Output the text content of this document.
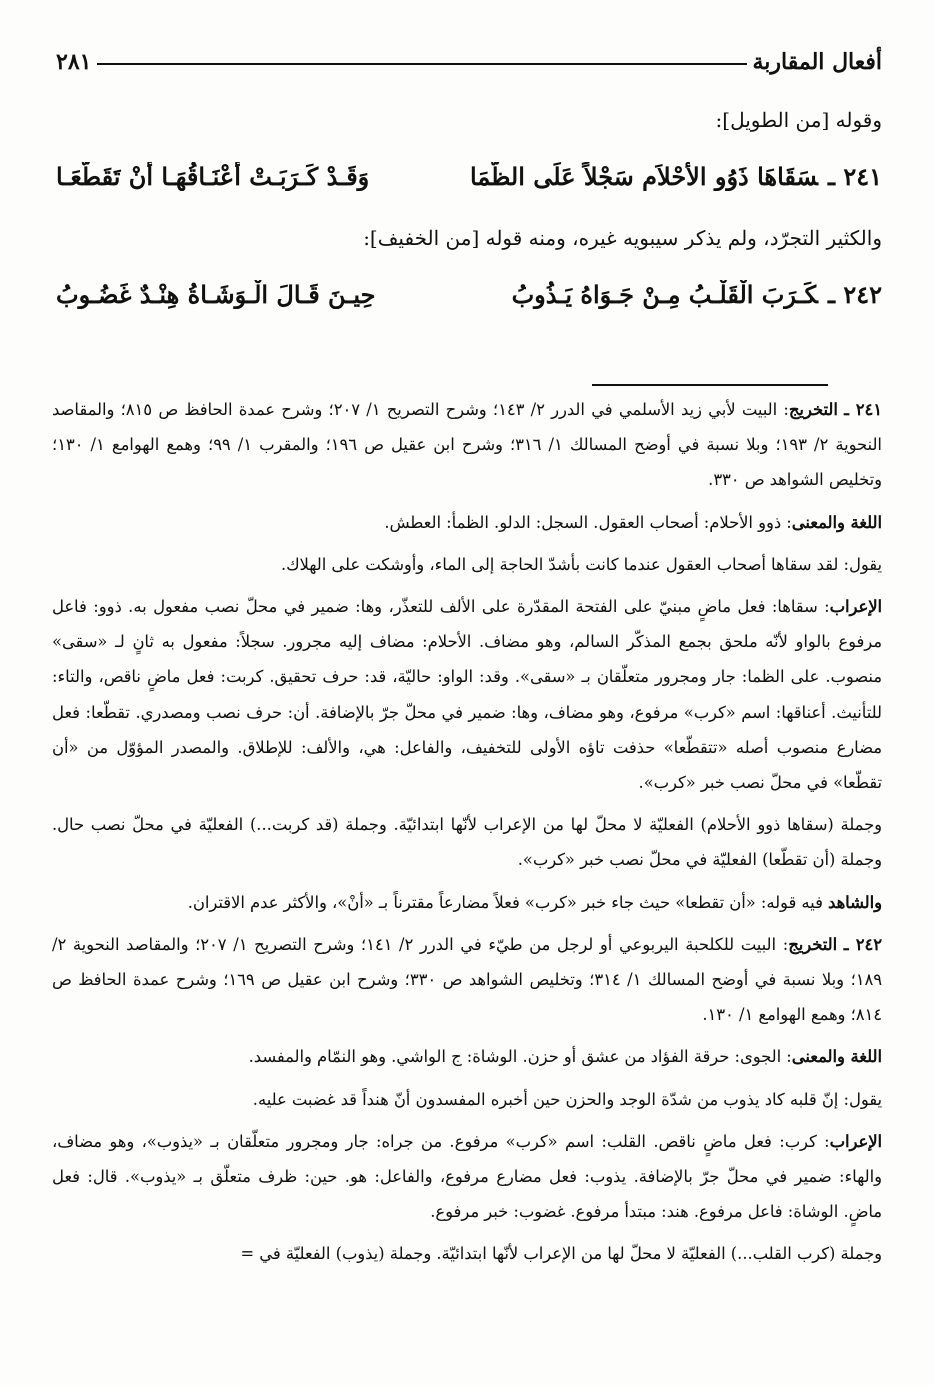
أفعال المقاربة
٢٨١
وقوله [من الطويل]:
٢٤١ ـسَقَاهَا ذَوُو الأَحْلاَم سَجْلاً عَلَى الظَّمَا
وَقَـدْ كَـرَبَـتْ أعْنَـاقُهَـا أنْ تَقَطَّعَـا
والكثير التجرّد، ولم يذكر سيبويه غيره، ومنه قوله [من الخفيف]:
٢٤٢ ـكَـرَبَ الْقَلْـبُ مِـنْ جَـوَاهُ يَـذُوبُ
حِيـنَ قَـالَ الْـوَشَـاةُ هِنْـدٌ غَضُـوبُ

٢٤١ ـ التخريج: البيت لأبي زيد الأسلمي في الدرر ٢/ ١٤٣؛ وشرح التصريح ١/ ٢٠٧؛ وشرح عمدة الحافظ ص ٨١٥؛ والمقاصد النحوية ٢/ ١٩٣؛ وبلا نسبة في أوضح المسالك ١/ ٣١٦؛ وشرح ابن عقيل ص ١٩٦؛ والمقرب ١/ ٩٩؛ وهمع الهوامع ١/ ١٣٠؛ وتخليص الشواهد ص ٣٣٠.

اللغة والمعنى: ذوو الأحلام: أصحاب العقول. السجل: الدلو. الظمأ: العطش.

يقول: لقد سقاها أصحاب العقول عندما كانت بأشدّ الحاجة إلى الماء، وأوشكت على الهلاك.

الإعراب: سقاها: فعل ماضٍ مبنيّ على الفتحة المقدّرة على الألف للتعذّر، وها: ضمير في محلّ نصب مفعول به. ذوو: فاعل مرفوع بالواو لأنّه ملحق بجمع المذكّر السالم، وهو مضاف. الأحلام: مضاف إليه مجرور. سجلاً: مفعول به ثانٍ لـ «سقى» منصوب. على الظما: جار ومجرور متعلّقان بـ «سقى». وقد: الواو: حاليّة، قد: حرف تحقيق. كربت: فعل ماضٍ ناقص، والتاء: للتأنيث. أعناقها: اسم «كرب» مرفوع، وهو مضاف، وها: ضمير في محلّ جرّ بالإضافة. أن: حرف نصب ومصدري. تقطّعا: فعل مضارع منصوب أصله «تتقطّعا» حذفت تاؤه الأولى للتخفيف، والفاعل: هي، والألف: للإطلاق. والمصدر المؤوّل من «أن تقطّعا» في محلّ نصب خبر «كرب».

وجملة (سقاها ذوو الأحلام) الفعليّة لا محلّ لها من الإعراب لأنّها ابتدائيّة. وجملة (قد كربت...) الفعليّة في محلّ نصب حال. وجملة (أن تقطّعا) الفعليّة في محلّ نصب خبر «كرب».

والشاهد فيه قوله: «أن تقطعا» حيث جاء خبر «كرب» فعلاً مضارعاً مقترناً بـ «أنْ»، والأكثر عدم الاقتران.

٢٤٢ ـ التخريج: البيت للكلحبة اليربوعي أو لرجل من طيّء في الدرر ٢/ ١٤١؛ وشرح التصريح ١/ ٢٠٧؛ والمقاصد النحوية ٢/ ١٨٩؛ وبلا نسبة في أوضح المسالك ١/ ٣١٤؛ وتخليص الشواهد ص ٣٣٠؛ وشرح ابن عقيل ص ١٦٩؛ وشرح عمدة الحافظ ص ٨١٤؛ وهمع الهوامع ١/ ١٣٠.

اللغة والمعنى: الجوى: حرقة الفؤاد من عشق أو حزن. الوشاة: ج الواشي. وهو النمّام والمفسد.

يقول: إنّ قلبه كاد يذوب من شدّة الوجد والحزن حين أخبره المفسدون أنّ هنداً قد غضبت عليه.

الإعراب: كرب: فعل ماضٍ ناقص. القلب: اسم «كرب» مرفوع. من جراه: جار ومجرور متعلّقان بـ «يذوب»، وهو مضاف، والهاء: ضمير في محلّ جرّ بالإضافة. يذوب: فعل مضارع مرفوع، والفاعل: هو. حين: ظرف متعلّق بـ «يذوب». قال: فعل ماضٍ. الوشاة: فاعل مرفوع. هند: مبتدأ مرفوع. غضوب: خبر مرفوع.

وجملة (كرب القلب...) الفعليّة لا محلّ لها من الإعراب لأنّها ابتدائيّة. وجملة (يذوب) الفعليّة في =
